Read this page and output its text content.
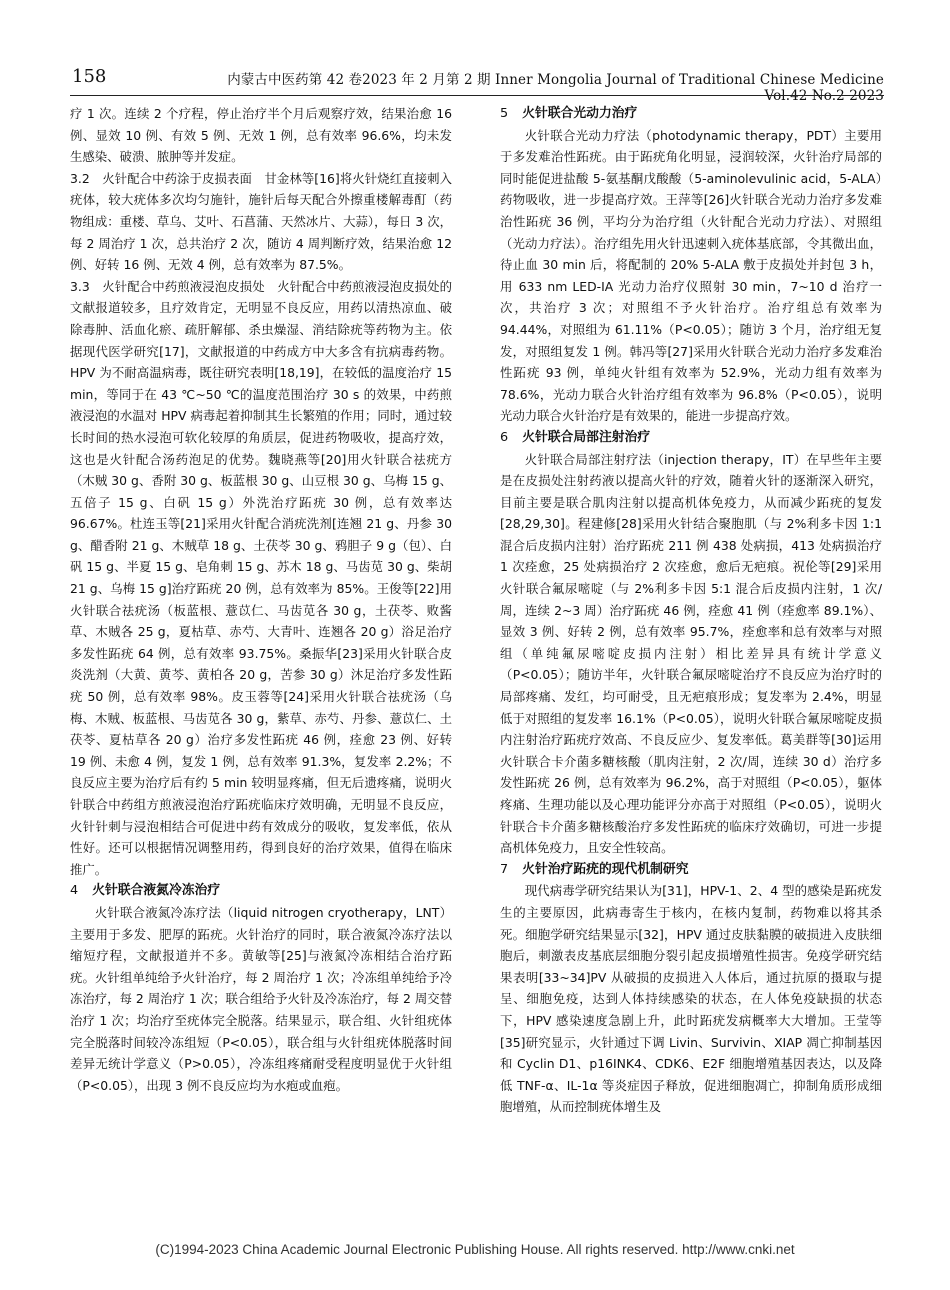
158	内蒙古中医药第 42 卷2023 年 2 月第 2 期 Inner Mongolia Journal of Traditional Chinese Medicine Vol.42 No.2 2023

疗 1 次。连续 2 个疗程，停止治疗半个月后观察疗效，结果治愈 16 例、显效 10 例、有效 5 例、无效 1 例，总有效率 96.6%，均未发生感染、破溃、脓肿等并发症。

3.2　火针配合中药涂于皮损表面　甘金林等[16]将火针烧红直接刺入疣体，较大疣体多次均匀施针，施针后每天配合外擦重楼解毒酊（药物组成：重楼、草乌、艾叶、石菖蒲、天然冰片、大蒜），每日 3 次，每 2 周治疗 1 次，总共治疗 2 次，随访 4 周判断疗效，结果治愈 12 例、好转 16 例、无效 4 例，总有效率为 87.5%。

3.3　火针配合中药煎液浸泡皮损处　火针配合中药煎液浸泡皮损处的文献报道较多，且疗效肯定，无明显不良反应，用药以清热凉血、破除毒肿、活血化瘀、疏肝解郁、杀虫燥湿、消结除疣等药物为主。依据现代医学研究[17]，文献报道的中药成方中大多含有抗病毒药物。HPV 为不耐高温病毒，既往研究表明[18,19]，在较低的温度治疗 15 min，等同于在 43 ℃~50 ℃的温度范围治疗 30 s 的效果，中药煎液浸泡的水温对 HPV 病毒起着抑制其生长繁殖的作用；同时，通过较长时间的热水浸泡可软化较厚的角质层，促进药物吸收，提高疗效，这也是火针配合汤药泡足的优势。魏晓燕等[20]用火针联合祛疣方（木贼 30 g、香附 30 g、板蓝根 30 g、山豆根 30 g、乌梅 15 g、五倍子 15 g、白矾 15 g）外洗治疗跖疣 30 例，总有效率达 96.67%。杜连玉等[21]采用火针配合消疣洗剂[连翘 21 g、丹参 30 g、醋香附 21 g、木贼草 18 g、土茯苓 30 g、鸦胆子 9 g（包）、白矾 15 g、半夏 15 g、皂角刺 15 g、苏木 18 g、马齿苋 30 g、柴胡 21 g、乌梅 15 g]治疗跖疣 20 例，总有效率为 85%。王俊等[22]用火针联合祛疣汤（板蓝根、薏苡仁、马齿苋各 30 g，土茯苓、败酱草、木贼各 25 g，夏枯草、赤芍、大青叶、连翘各 20 g）浴足治疗多发性跖疣 64 例，总有效率 93.75%。桑振华[23]采用火针联合皮炎洗剂（大黄、黄芩、黄柏各 20 g，苦参 30 g）沐足治疗多发性跖疣 50 例，总有效率 98%。皮玉蓉等[24]采用火针联合祛疣汤（乌梅、木贼、板蓝根、马齿苋各 30 g，紫草、赤芍、丹参、薏苡仁、土茯苓、夏枯草各 20 g）治疗多发性跖疣 46 例，痊愈 23 例、好转 19 例、未愈 4 例，复发 1 例，总有效率 91.3%，复发率 2.2%；不良反应主要为治疗后有约 5 min 较明显疼痛，但无后遗疼痛，说明火针联合中药组方煎液浸泡治疗跖疣临床疗效明确，无明显不良反应，火针针刺与浸泡相结合可促进中药有效成分的吸收，复发率低，依从性好。还可以根据情况调整用药，得到良好的治疗效果，值得在临床推广。

4 火针联合液氮冷冻治疗

火针联合液氮冷冻疗法（liquid nitrogen cryotherapy，LNT）主要用于多发、肥厚的跖疣。火针治疗的同时，联合液氮冷冻疗法以缩短疗程，文献报道并不多。黄敏等[25]与液氮冷冻相结合治疗跖疣。火针组单纯给予火针治疗，每 2 周治疗 1 次；冷冻组单纯给予冷冻治疗，每 2 周治疗 1 次；联合组给予火针及冷冻治疗，每 2 周交替治疗 1 次；均治疗至疣体完全脱落。结果显示，联合组、火针组疣体完全脱落时间较冷冻组短（P<0.05），联合组与火针组疣体脱落时间差异无统计学意义（P>0.05），冷冻组疼痛耐受程度明显优于火针组（P<0.05），出现 3 例不良反应均为水疱或血疱。

5 火针联合光动力治疗

火针联合光动力疗法（photodynamic therapy，PDT）主要用于多发难治性跖疣。由于跖疣角化明显，浸润较深，火针治疗局部的同时能促进盐酸 5-氨基酮戊酸酸（5-aminolevulinic acid，5-ALA）药物吸收，进一步提高疗效。王萍等[26]火针联合光动力治疗多发难治性跖疣 36 例，平均分为治疗组（火针配合光动力疗法）、对照组（光动力疗法）。治疗组先用火针迅速刺入疣体基底部，令其微出血，待止血 30 min 后，将配制的 20% 5-ALA 敷于皮损处并封包 3 h，用 633 nm LED-IA 光动力治疗仪照射 30 min，7~10 d 治疗一次，共治疗 3 次；对照组不予火针治疗。治疗组总有效率为 94.44%，对照组为 61.11%（P<0.05）；随访 3 个月，治疗组无复发，对照组复发 1 例。韩冯等[27]采用火针联合光动力治疗多发难治性跖疣 93 例，单纯火针组有效率为 52.9%，光动力组有效率为 78.6%，光动力联合火针治疗组有效率为 96.8%（P<0.05），说明光动力联合火针治疗是有效果的，能进一步提高疗效。

6 火针联合局部注射治疗

火针联合局部注射疗法（injection therapy，IT）在早些年主要是在皮损处注射药液以提高火针的疗效，随着火针的逐渐深入研究，目前主要是联合肌肉注射以提高机体免疫力，从而减少跖疣的复发[28,29,30]。程建修[28]采用火针结合聚胞肌（与 2%利多卡因 1:1 混合后皮损内注射）治疗跖疣 211 例 438 处病损，413 处病损治疗 1 次痊愈，25 处病损治疗 2 次痊愈，愈后无疤痕。祝伦等[29]采用火针联合氟尿嘧啶（与 2%利多卡因 5:1 混合后皮损内注射，1 次/周，连续 2~3 周）治疗跖疣 46 例，痊愈 41 例（痊愈率 89.1%）、显效 3 例、好转 2 例，总有效率 95.7%，痊愈率和总有效率与对照组（单纯氟尿嘧啶皮损内注射）相比差异具有统计学意义（P<0.05）；随访半年，火针联合氟尿嘧啶治疗不良反应为治疗时的局部疼痛、发红，均可耐受，且无疤痕形成；复发率为 2.4%，明显低于对照组的复发率 16.1%（P<0.05），说明火针联合氟尿嘧啶皮损内注射治疗跖疣疗效高、不良反应少、复发率低。葛美群等[30]运用火针联合卡介菌多糖核酸（肌肉注射，2 次/周，连续 30 d）治疗多发性跖疣 26 例，总有效率为 96.2%，高于对照组（P<0.05），躯体疼痛、生理功能以及心理功能评分亦高于对照组（P<0.05），说明火针联合卡介菌多糖核酸治疗多发性跖疣的临床疗效确切，可进一步提高机体免疫力，且安全性较高。

7 火针治疗跖疣的现代机制研究

现代病毒学研究结果认为[31]，HPV-1、2、4 型的感染是跖疣发生的主要原因，此病毒寄生于核内，在核内复制，药物难以将其杀死。细胞学研究结果显示[32]，HPV 通过皮肤黏膜的破损进入皮肤细胞后，刺激表皮基底层细胞分裂引起皮损增殖性损害。免疫学研究结果表明[33~34]PV 从破损的皮损进入人体后，通过抗原的摄取与提呈、细胞免疫，达到人体持续感染的状态，在人体免疫缺损的状态下，HPV 感染速度急剧上升，此时跖疣发病概率大大增加。王莹等[35]研究显示，火针通过下调 Livin、Survivin、XIAP 凋亡抑制基因和 Cyclin D1、p16INK4、CDK6、E2F 细胞增殖基因表达，以及降低 TNF-α、IL-1α 等炎症因子释放，促进细胞凋亡，抑制角质形成细胞增殖，从而控制疣体增生及

(C)1994-2023 China Academic Journal Electronic Publishing House. All rights reserved. http://www.cnki.net
